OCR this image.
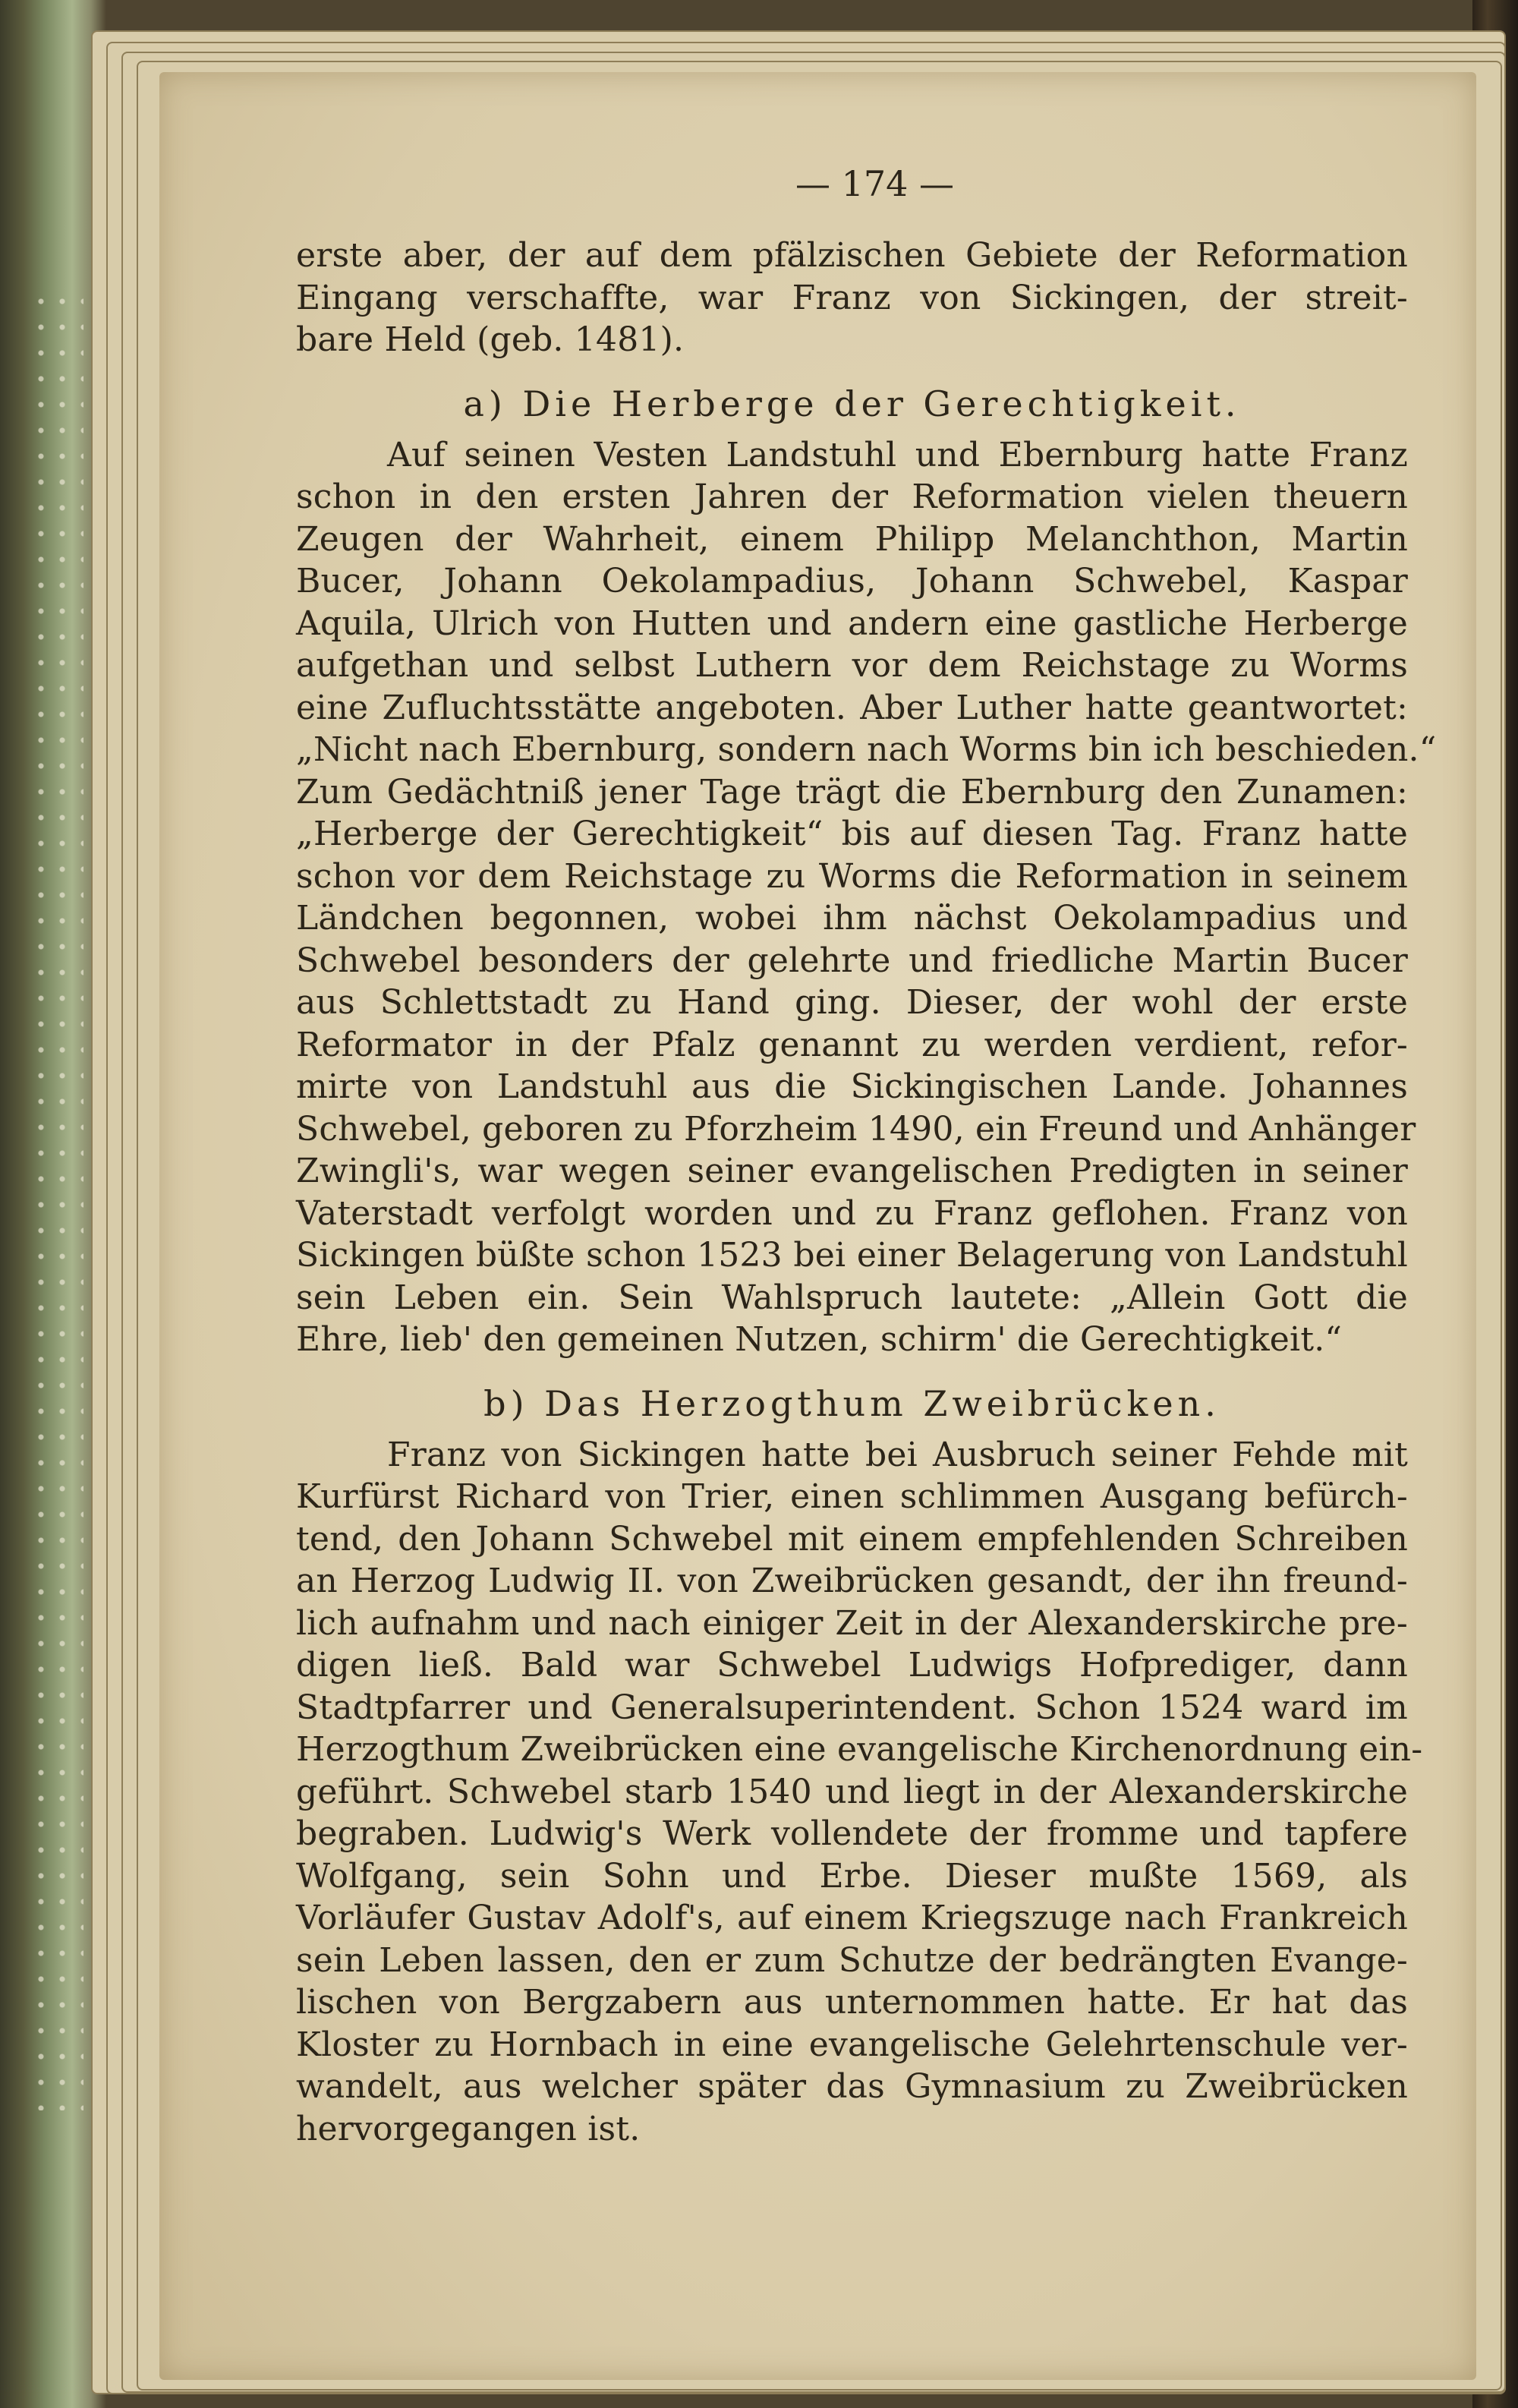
— 174 —
erste aber, der auf dem pfälzischen Gebiete der Reformation
Eingang verschaffte, war Franz von Sickingen, der streit-
bare Held (geb. 1481).
a) Die Herberge der Gerechtigkeit.
Auf seinen Vesten Landstuhl und Ebernburg hatte Franz
schon in den ersten Jahren der Reformation vielen theuern
Zeugen der Wahrheit, einem Philipp Melanchthon, Martin
Bucer, Johann Oekolampadius, Johann Schwebel, Kaspar
Aquila, Ulrich von Hutten und andern eine gastliche Herberge
aufgethan und selbst Luthern vor dem Reichstage zu Worms
eine Zufluchtsstätte angeboten. Aber Luther hatte geantwortet:
„Nicht nach Ebernburg, sondern nach Worms bin ich beschieden.“
Zum Gedächtniß jener Tage trägt die Ebernburg den Zunamen:
„Herberge der Gerechtigkeit“ bis auf diesen Tag. Franz hatte
schon vor dem Reichstage zu Worms die Reformation in seinem
Ländchen begonnen, wobei ihm nächst Oekolampadius und
Schwebel besonders der gelehrte und friedliche Martin Bucer
aus Schlettstadt zu Hand ging. Dieser, der wohl der erste
Reformator in der Pfalz genannt zu werden verdient, refor-
mirte von Landstuhl aus die Sickingischen Lande. Johannes
Schwebel, geboren zu Pforzheim 1490, ein Freund und Anhänger
Zwingli's, war wegen seiner evangelischen Predigten in seiner
Vaterstadt verfolgt worden und zu Franz geflohen. Franz von
Sickingen büßte schon 1523 bei einer Belagerung von Landstuhl
sein Leben ein. Sein Wahlspruch lautete: „Allein Gott die
Ehre, lieb' den gemeinen Nutzen, schirm' die Gerechtigkeit.“
b) Das Herzogthum Zweibrücken.
Franz von Sickingen hatte bei Ausbruch seiner Fehde mit
Kurfürst Richard von Trier, einen schlimmen Ausgang befürch-
tend, den Johann Schwebel mit einem empfehlenden Schreiben
an Herzog Ludwig II. von Zweibrücken gesandt, der ihn freund-
lich aufnahm und nach einiger Zeit in der Alexanderskirche pre-
digen ließ. Bald war Schwebel Ludwigs Hofprediger, dann
Stadtpfarrer und Generalsuperintendent. Schon 1524 ward im
Herzogthum Zweibrücken eine evangelische Kirchenordnung ein-
geführt. Schwebel starb 1540 und liegt in der Alexanderskirche
begraben. Ludwig's Werk vollendete der fromme und tapfere
Wolfgang, sein Sohn und Erbe. Dieser mußte 1569, als
Vorläufer Gustav Adolf's, auf einem Kriegszuge nach Frankreich
sein Leben lassen, den er zum Schutze der bedrängten Evange-
lischen von Bergzabern aus unternommen hatte. Er hat das
Kloster zu Hornbach in eine evangelische Gelehrtenschule ver-
wandelt, aus welcher später das Gymnasium zu Zweibrücken
hervorgegangen ist.
